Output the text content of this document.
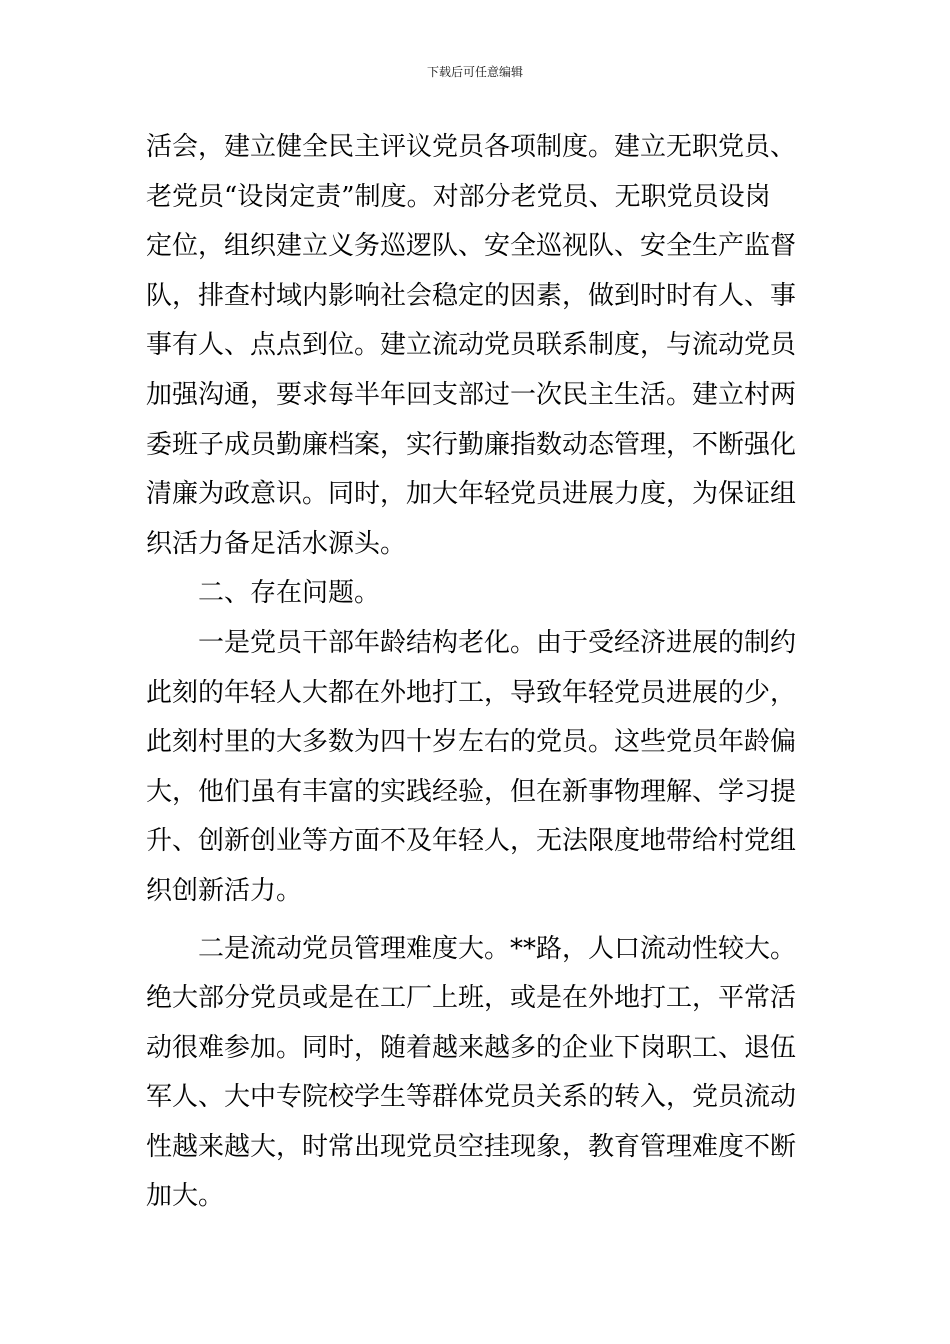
下载后可任意编辑
活会，建立健全民主评议党员各项制度。建立无职党员、
老党员“设岗定责”制度。对部分老党员、无职党员设岗
定位，组织建立义务巡逻队、安全巡视队、安全生产监督
队，排查村域内影响社会稳定的因素，做到时时有人、事
事有人、点点到位。建立流动党员联系制度，与流动党员
加强沟通，要求每半年回支部过一次民主生活。建立村两
委班子成员勤廉档案，实行勤廉指数动态管理，不断强化
清廉为政意识。同时，加大年轻党员进展力度，为保证组
织活力备足活水源头。
二、存在问题。
一是党员干部年龄结构老化。由于受经济进展的制约
此刻的年轻人大都在外地打工，导致年轻党员进展的少，
此刻村里的大多数为四十岁左右的党员。这些党员年龄偏
大，他们虽有丰富的实践经验，但在新事物理解、学习提
升、创新创业等方面不及年轻人，无法限度地带给村党组
织创新活力。
二是流动党员管理难度大。**路，人口流动性较大。
绝大部分党员或是在工厂上班，或是在外地打工，平常活
动很难参加。同时，随着越来越多的企业下岗职工、退伍
军人、大中专院校学生等群体党员关系的转入，党员流动
性越来越大，时常出现党员空挂现象，教育管理难度不断
加大。
